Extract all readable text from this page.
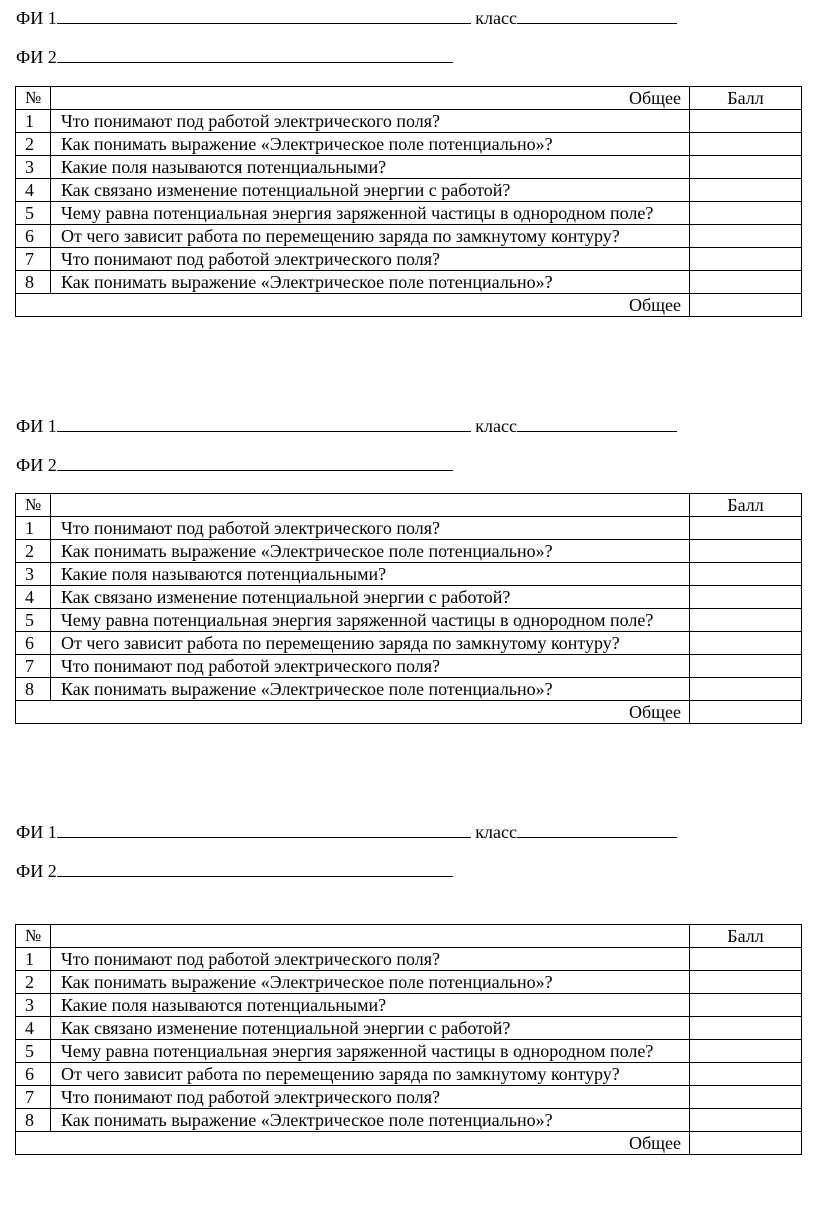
ФИ 1	класс
ФИ 2
№	Общее	Балл
1	Что понимают под работой электрического поля?	
2	Как понимать выражение «Электрическое поле потенциально»?	
3	Какие поля называются потенциальными?	
4	Как связано изменение потенциальной энергии с работой?	
5	Чему равна потенциальная энергия заряженной частицы в однородном поле?	
6	От чего зависит работа по перемещению заряда по замкнутому контуру?	
7	Что понимают под работой электрического поля?	
8	Как понимать выражение «Электрическое поле потенциально»?	
Общее		
ФИ 1	класс
ФИ 2
№		Балл
1	Что понимают под работой электрического поля?	
2	Как понимать выражение «Электрическое поле потенциально»?	
3	Какие поля называются потенциальными?	
4	Как связано изменение потенциальной энергии с работой?	
5	Чему равна потенциальная энергия заряженной частицы в однородном поле?	
6	От чего зависит работа по перемещению заряда по замкнутому контуру?	
7	Что понимают под работой электрического поля?	
8	Как понимать выражение «Электрическое поле потенциально»?	
Общее		
ФИ 1	класс
ФИ 2
№		Балл
1	Что понимают под работой электрического поля?	
2	Как понимать выражение «Электрическое поле потенциально»?	
3	Какие поля называются потенциальными?	
4	Как связано изменение потенциальной энергии с работой?	
5	Чему равна потенциальная энергия заряженной частицы в однородном поле?	
6	От чего зависит работа по перемещению заряда по замкнутому контуру?	
7	Что понимают под работой электрического поля?	
8	Как понимать выражение «Электрическое поле потенциально»?	
Общее		
